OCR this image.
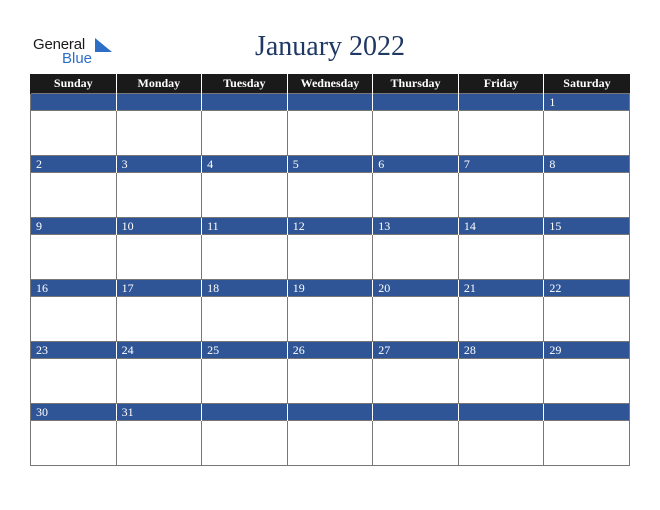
General
Blue	January 2022
Sunday	Monday	Tuesday	Wednesday	Thursday	Friday	Saturday
						1

2	3	4	5	6	7	8

9	10	11	12	13	14	15

16	17	18	19	20	21	22

23	24	25	26	27	28	29

30	31					
